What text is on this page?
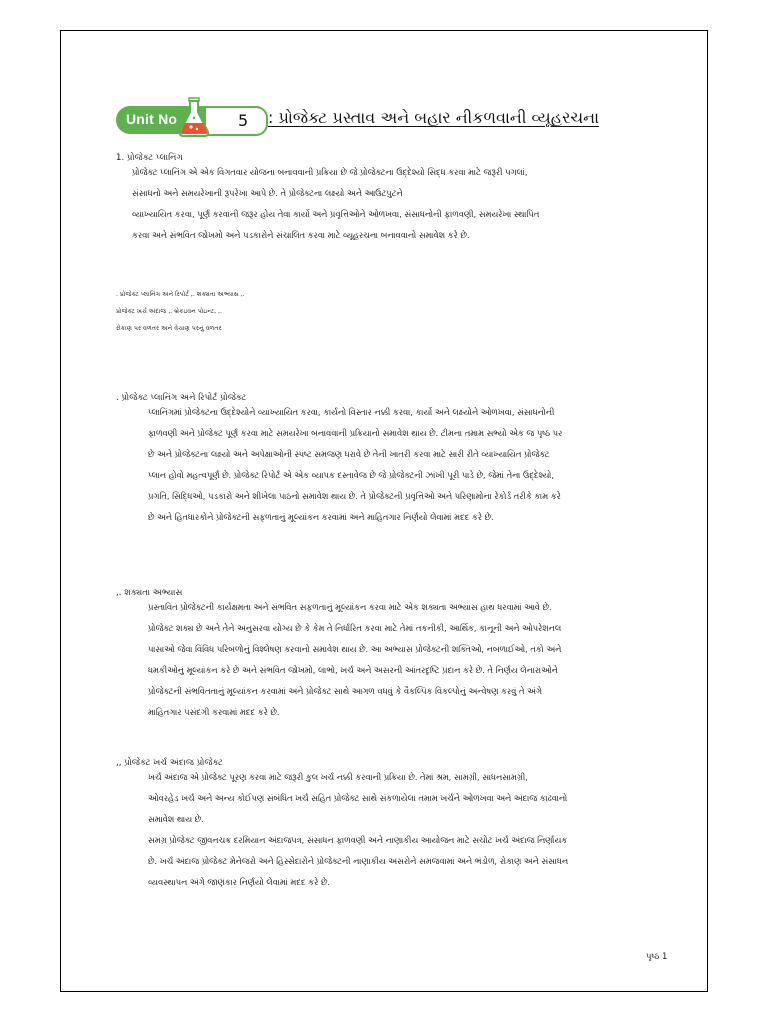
Unit No	5 : પ્રોજેક્ટ પ્રસ્તાવ અને બહાર નીકળવાની વ્યૂહરચના
1. પ્રોજેક્ટ પ્લાનિંગ
પ્રોજેક્ટ પ્લાનિંગ એ એક વિગતવાર યોજના બનાવવાની પ્રક્રિયા છે જે પ્રોજેક્ટના ઉદ્દેશ્યો સિદ્ધ કરવા માટે જરૂરી પગલાં,
સંસાધનો અને સમયરેખાની રૂપરેખા આપે છે. તે પ્રોજેક્ટના લક્ષ્યો અને આઉટપુટને
વ્યાખ્યાયિત કરવા, પૂર્ણ કરવાની જરૂર હોય તેવા કાર્યો અને પ્રવૃત્તિઓને ઓળખવા, સંસાધનોની ફાળવણી, સમયરેખા સ્થાપિત
કરવા અને સંભવિત જોખમો અને પડકારોને સંચાલિત કરવા માટે વ્યૂહરચના બનાવવાનો સમાવેશ કરે છે.
. પ્રોજેક્ટ પ્લાનિંગ અને રિપોર્ટ ,. શક્યતા અભ્યાસ ,.
પ્રોજેક્ટ ખર્ચ અંદાજ ,. બ્રેકઇવન પોઇન્ટ, ,.
રોકાણ પર વળતર અને વેચાણ પરનું વળતર
. પ્રોજેક્ટ પ્લાનિંગ અને રિપોર્ટ પ્રોજેક્ટ
પ્લાનિંગમાં પ્રોજેક્ટના ઉદ્દેશ્યોને વ્યાખ્યાયિત કરવા, કાર્યનો વિસ્તાર નક્કી કરવા, કાર્યો અને લક્ષ્યોને ઓળખવા, સંસાધનોની
ફાળવણી અને પ્રોજેક્ટ પૂર્ણ કરવા માટે સમયરેખા બનાવવાની પ્રક્રિયાનો સમાવેશ થાય છે. ટીમના તમામ સભ્યો એક જ પૃષ્ઠ પર
છે અને પ્રોજેક્ટના લક્ષ્યો અને અપેક્ષાઓની સ્પષ્ટ સમજણ ધરાવે છે તેની ખાતરી કરવા માટે સારી રીતે વ્યાખ્યાયિત પ્રોજેક્ટ
પ્લાન હોવો મહત્વપૂર્ણ છે. પ્રોજેક્ટ રિપોર્ટ એ એક વ્યાપક દસ્તાવેજ છે જે પ્રોજેક્ટની ઝાંખી પૂરી પાડે છે, જેમાં તેના ઉદ્દેશ્યો,
પ્રગતિ, સિદ્ધિઓ, પડકારો અને શીખેલા પાઠનો સમાવેશ થાય છે. તે પ્રોજેક્ટની પ્રવૃત્તિઓ અને પરિણામોના રેકોર્ડ તરીકે કામ કરે
છે અને હિતધારકોને પ્રોજેક્ટની સફળતાનું મૂલ્યાંકન કરવામાં અને માહિતગાર નિર્ણયો લેવામાં મદદ કરે છે.
,. શક્યતા અભ્યાસ
પ્રસ્તાવિત પ્રોજેક્ટની કાર્યક્ષમતા અને સંભવિત સફળતાનું મૂલ્યાંકન કરવા માટે એક શક્યતા અભ્યાસ હાથ ધરવામાં આવે છે.
પ્રોજેક્ટ શક્ય છે અને તેને અનુસરવા યોગ્ય છે કે કેમ તે નિર્ધારિત કરવા માટે તેમાં તકનીકી, આર્થિક, કાનૂની અને ઓપરેશનલ
પાસાઓ જેવા વિવિધ પરિબળોનું વિશ્લેષણ કરવાનો સમાવેશ થાય છે. આ અભ્યાસ પ્રોજેક્ટની શક્તિઓ, નબળાઈઓ, તકો અને
ધમકીઓનું મૂલ્યાંકન કરે છે અને સંભવિત જોખમો, લાભો, ખર્ચ અને અસરની આંતરદૃષ્ટિ પ્રદાન કરે છે. તે નિર્ણય લેનારાઓને
પ્રોજેક્ટની સંભવિતતાનું મૂલ્યાંકન કરવામાં અને પ્રોજેક્ટ સાથે આગળ વધવું કે વૈકલ્પિક વિકલ્પોનું અન્વેષણ કરવું તે અંગે
માહિતગાર પસંદગી કરવામાં મદદ કરે છે.
,, પ્રોજેક્ટ ખર્ચ અંદાજ પ્રોજેક્ટ
ખર્ચ અંદાજ એ પ્રોજેક્ટ પૂરણ કરવા માટે જરૂરી કુલ ખર્ચ નક્કી કરવાની પ્રક્રિયા છે. તેમાં શ્રમ, સામગ્રી, સાધનસામગ્રી,
ઓવરહેડ ખર્ચ અને અન્ય કોઈપણ સંબંધિત ખર્ચ સહિત પ્રોજેક્ટ સાથે સંકળાયેલા તમામ ખર્ચને ઓળખવા અને અંદાજ કાઢવાનો
સમાવેશ થાય છે.
સમગ્ર પ્રોજેક્ટ જીવનચક્ર દરમિયાન અંદાજપત્ર, સંસાધન ફાળવણી અને નાણાકીય આયોજન માટે સચોટ ખર્ચ અંદાજ નિર્ણાયક
છે. ખર્ચ અંદાજ પ્રોજેક્ટ મેનેજરો અને હિસ્સેદારોને પ્રોજેક્ટની નાણાકીય અસરોને સમજવામાં અને ભંડોળ, રોકાણ અને સંસાધન
વ્યવસ્થાપન અંગે જાણકાર નિર્ણયો લેવામાં મદદ કરે છે.
પૃષ્ઠ 1
